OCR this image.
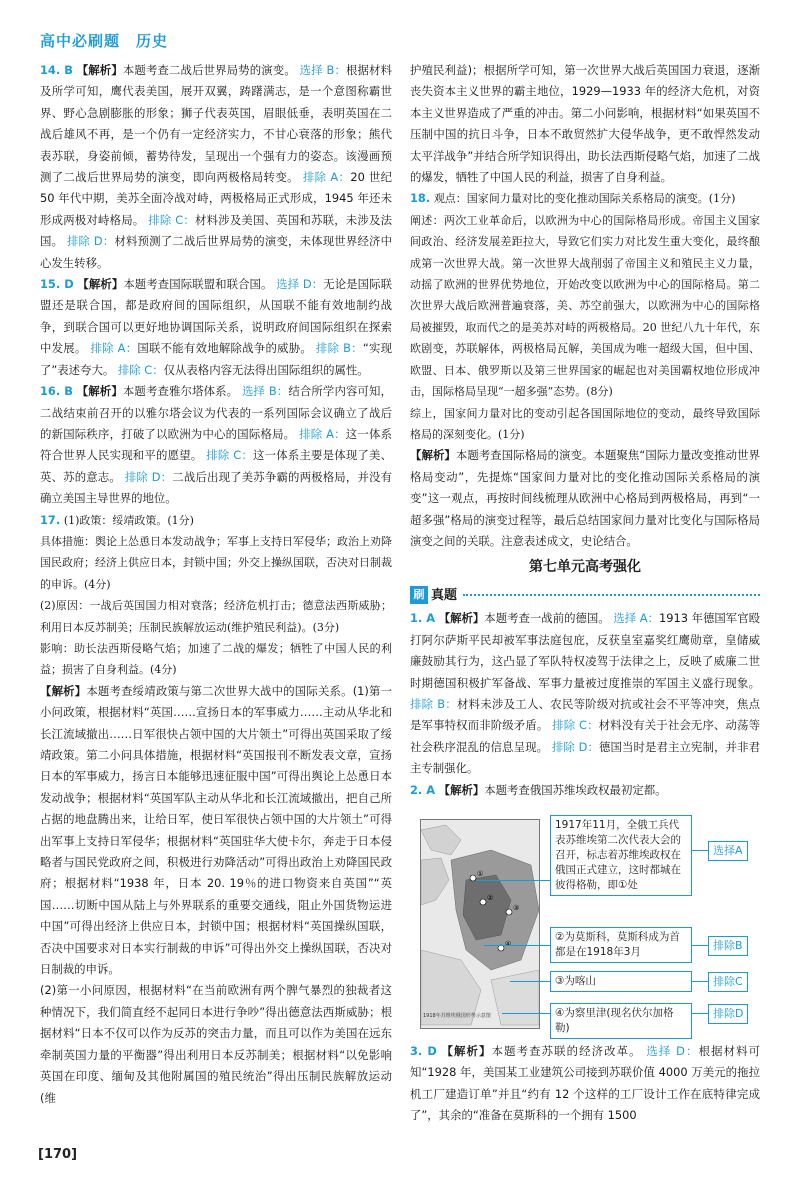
高中必刷题　历史
14. B 【解析】本题考查二战后世界局势的演变。 选择 B：根据材料及所学可知，鹰代表美国，展开双翼，踌躇满志，是一个意图称霸世界、野心急剧膨胀的形象；狮子代表英国，眉眼低垂，表明英国在二战后雄风不再，是一个仍有一定经济实力，不甘心衰落的形象；熊代表苏联，身姿前倾，蓄势待发，呈现出一个强有力的姿态。该漫画预测了二战后世界局势的演变，即向两极格局转变。 排除 A：20 世纪 50 年代中期，美苏全面冷战对峙，两极格局正式形成，1945 年还未形成两极对峙格局。 排除 C：材料涉及美国、英国和苏联，未涉及法国。 排除 D：材料预测了二战后世界局势的演变，未体现世界经济中心发生转移。
15. D 【解析】本题考查国际联盟和联合国。 选择 D：无论是国际联盟还是联合国，都是政府间的国际组织，从国联不能有效地制约战争，到联合国可以更好地协调国际关系，说明政府间国际组织在探索中发展。 排除 A：国联不能有效地解除战争的威胁。 排除 B：“实现了”表述夸大。 排除 C：仅从表格内容无法得出国际组织的属性。
16. B 【解析】本题考查雅尔塔体系。 选择 B：结合所学内容可知，二战结束前召开的以雅尔塔会议为代表的一系列国际会议确立了战后的新国际秩序，打破了以欧洲为中心的国际格局。 排除 A：这一体系符合世界人民实现和平的愿望。 排除 C：这一体系主要是体现了美、英、苏的意志。 排除 D：二战后出现了美苏争霸的两极格局，并没有确立美国主导世界的地位。
17. (1)政策：绥靖政策。(1分)
具体措施：舆论上怂恿日本发动战争；军事上支持日军侵华；政治上劝降国民政府；经济上供应日本，封锁中国；外交上操纵国联，否决对日制裁的申诉。(4分)
(2)原因：一战后英国国力相对衰落；经济危机打击；德意法西斯威胁；利用日本反苏制美；压制民族解放运动(维护殖民利益)。(3分)
影响：助长法西斯侵略气焰；加速了二战的爆发；牺牲了中国人民的利益；损害了自身利益。(4分)
【解析】本题考查绥靖政策与第二次世界大战中的国际关系。(1)第一小问政策，根据材料“英国……宣扬日本的军事威力……主动从华北和长江流域撤出……日军很快占领中国的大片领土”可得出英国采取了绥靖政策。第二小问具体措施，根据材料“英国报刊不断发表文章，宣扬日本的军事威力，扬言日本能够迅速征服中国”可得出舆论上怂恿日本发动战争；根据材料“英国军队主动从华北和长江流域撤出，把自己所占据的地盘腾出来，让给日军，使日军很快占领中国的大片领土”可得出军事上支持日军侵华；根据材料“英国驻华大使卡尔，奔走于日本侵略者与国民党政府之间，积极进行劝降活动”可得出政治上劝降国民政府；根据材料“1938 年，日本 20. 19％的进口物资来自英国”“英国……切断中国从陆上与外界联系的重要交通线，阻止外国货物运进中国”可得出经济上供应日本，封锁中国；根据材料“英国操纵国联，否决中国要求对日本实行制裁的申诉”可得出外交上操纵国联，否决对日制裁的申诉。
(2)第一小问原因，根据材料“在当前欧洲有两个脾气暴烈的独裁者这种情况下，我们简直经不起同日本进行争吵”得出德意法西斯威胁；根据材料“日本不仅可以作为反苏的突击力量，而且可以作为美国在远东牵制英国力量的平衡器”得出利用日本反苏制美；根据材料“以免影响英国在印度、缅甸及其他附属国的殖民统治”得出压制民族解放运动(维
护殖民利益)；根据所学可知，第一次世界大战后英国国力衰退，逐渐丧失资本主义世界的霸主地位，1929—1933 年的经济大危机，对资本主义世界造成了严重的冲击。第二小问影响，根据材料“如果英国不压制中国的抗日斗争，日本不敢贸然扩大侵华战争，更不敢悍然发动太平洋战争”并结合所学知识得出，助长法西斯侵略气焰，加速了二战的爆发，牺牲了中国人民的利益，损害了自身利益。
18. 观点：国家间力量对比的变化推动国际关系格局的演变。(1分)
阐述：两次工业革命后，以欧洲为中心的国际格局形成。帝国主义国家间政治、经济发展差距拉大，导致它们实力对比发生重大变化，最终酿成第一次世界大战。第一次世界大战削弱了帝国主义和殖民主义力量，动摇了欧洲的世界优势地位，开始改变以欧洲为中心的国际格局。第二次世界大战后欧洲普遍衰落，美、苏空前强大，以欧洲为中心的国际格局被摧毁，取而代之的是美苏对峙的两极格局。20 世纪八九十年代，东欧剧变，苏联解体，两极格局瓦解，美国成为唯一超级大国，但中国、欧盟、日本、俄罗斯以及第三世界国家的崛起也对美国霸权地位形成冲击，国际格局呈现“一超多强”态势。(8分)
综上，国家间力量对比的变动引起各国国际地位的变动，最终导致国际格局的深刻变化。(1分)
【解析】本题考查国际格局的演变。本题聚焦“国际力量改变推动世界格局变动”，先提炼“国家间力量对比的变化推动国际关系格局的演变”这一观点，再按时间线梳理从欧洲中心格局到两极格局，再到“一超多强”格局的演变过程等，最后总结国家间力量对比变化与国际格局演变之间的关联。注意表述成文，史论结合。
第七单元高考强化
刷 真题
1. A 【解析】本题考查一战前的德国。 选择 A：1913 年德国军官殴打阿尔萨斯平民却被军事法庭包庇，反获皇室嘉奖红鹰勋章，皇储威廉鼓励其行为，这凸显了军队特权凌驾于法律之上，反映了威廉二世时期德国积极扩军备战、军事力量被过度推崇的军国主义盛行现象。 排除 B：材料未涉及工人、农民等阶级对抗或社会不平等冲突，焦点是军事特权而非阶级矛盾。 排除 C：材料没有关于社会无序、动荡等社会秩序混乱的信息呈现。 排除 D：德国当时是君主立宪制，并非君主专制强化。
2. A 【解析】本题考查俄国苏维埃政权最初定都。
①
②
③
④
1918年苏维埃俄国形势示意图
1917年11月，全俄工兵代表苏维埃第二次代表大会的召开，标志着苏维埃政权在俄国正式建立，这时都城在彼得格勒，即①处
②为莫斯科，莫斯科成为首都是在1918年3月
③为喀山
④为察里津(现名伏尔加格勒)
选择A
排除B
排除C
排除D
3. D 【解析】本题考查苏联的经济改革。 选择 D：根据材料可知“1928 年，美国某工业建筑公司接到苏联价值 4000 万美元的拖拉机工厂建造订单”并且“约有 12 个这样的工厂设计工作在底特律完成了”，其余的“准备在莫斯科的一个拥有 1500
[170]
